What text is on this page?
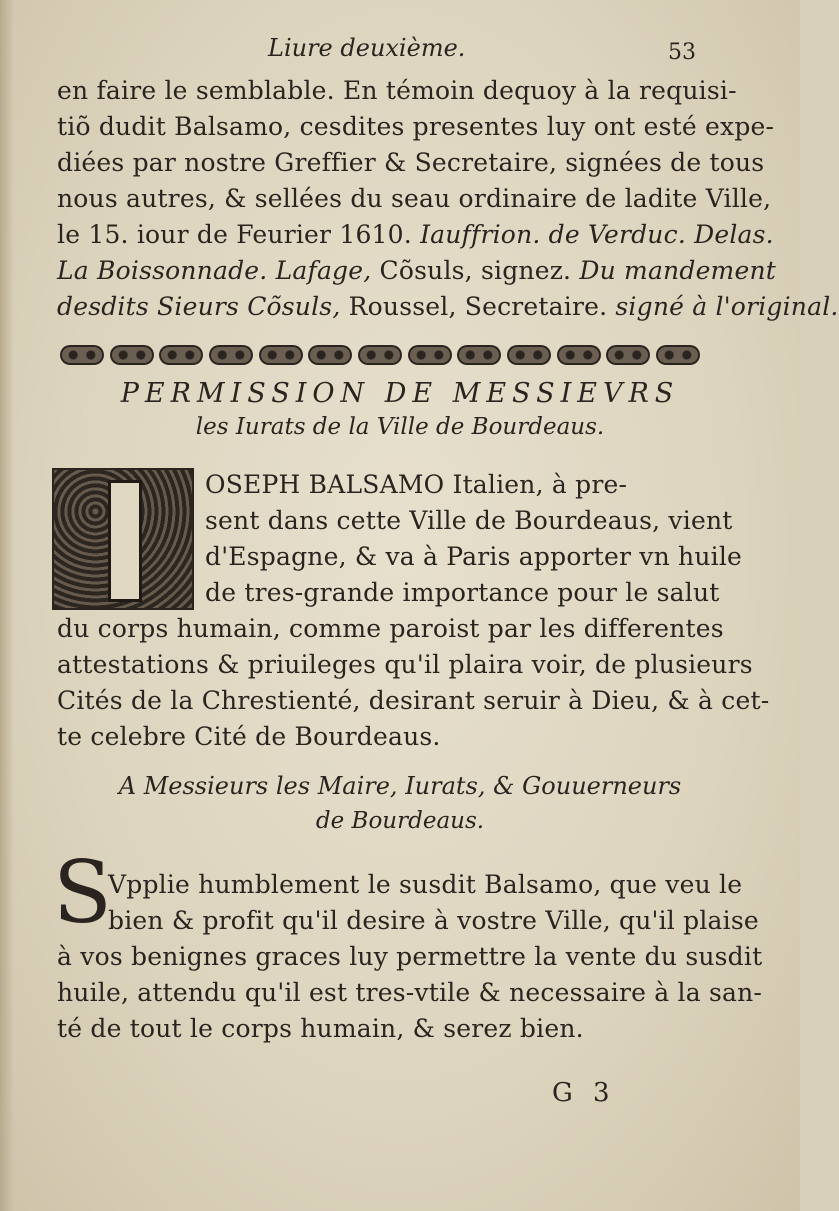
Liure deuxième.	53
en faire le semblable. En témoin dequoy à la requisi-
tiõ dudit Balsamo, cesdites presentes luy ont esté expe-
diées par nostre Greffier & Secretaire, signées de tous
nous autres, & sellées du seau ordinaire de ladite Ville,
le 15. iour de Feurier 1610. Iauffrion. de Verduc. Delas.
La Boissonnade. Lafage, Cõsuls, signez. Du mandement
desdits Sieurs Cõsuls, Roussel, Secretaire. signé à l'original.
PERMISSION DE MESSIEVRS
les Iurats de la Ville de Bourdeaus.
OSEPH BALSAMO Italien, à pre-
sent dans cette Ville de Bourdeaus, vient
d'Espagne, & va à Paris apporter vn huile
de tres-grande importance pour le salut
du corps humain, comme paroist par les differentes
attestations & priuileges qu'il plaira voir, de plusieurs
Cités de la Chrestienté, desirant seruir à Dieu, & à cet-
te celebre Cité de Bourdeaus.
A Messieurs les Maire, Iurats, & Gouuerneurs
de Bourdeaus.
S
Vpplie humblement le susdit Balsamo, que veu le
bien & profit qu'il desire à vostre Ville, qu'il plaise
à vos benignes graces luy permettre la vente du susdit
huile, attendu qu'il est tres-vtile & necessaire à la san-
té de tout le corps humain, & serez bien.
G 3
